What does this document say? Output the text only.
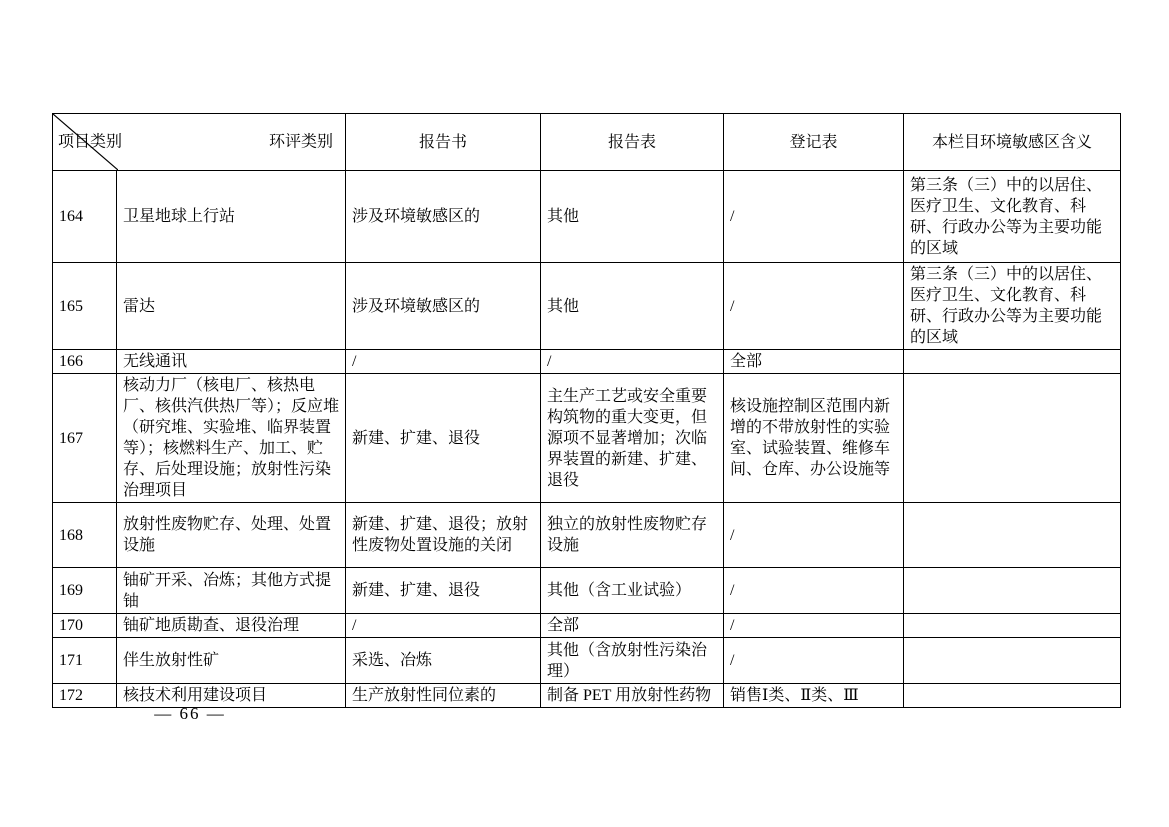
项目类别 环评类别		报告书	报告表	登记表	本栏目环境敏感区含义
164	卫星地球上行站	涉及环境敏感区的	其他	/	第三条（三）中的以居住、医疗卫生、文化教育、科研、行政办公等为主要功能的区域
165	雷达	涉及环境敏感区的	其他	/	第三条（三）中的以居住、医疗卫生、文化教育、科研、行政办公等为主要功能的区域
166	无线通讯	/	/	全部	
167	核动力厂（核电厂、核热电厂、核供汽供热厂等）；反应堆（研究堆、实验堆、临界装置等）；核燃料生产、加工、贮存、后处理设施；放射性污染治理项目	新建、扩建、退役	主生产工艺或安全重要构筑物的重大变更，但源项不显著增加；次临界装置的新建、扩建、退役	核设施控制区范围内新增的不带放射性的实验室、试验装置、维修车间、仓库、办公设施等	
168	放射性废物贮存、处理、处置设施	新建、扩建、退役；放射性废物处置设施的关闭	独立的放射性废物贮存设施	/	
169	铀矿开采、冶炼；其他方式提铀	新建、扩建、退役	其他（含工业试验）	/	
170	铀矿地质勘查、退役治理	/	全部	/	
171	伴生放射性矿	采选、冶炼	其他（含放射性污染治理）	/	
172	核技术利用建设项目	生产放射性同位素的	制备 PET 用放射性药物	销售Ⅰ类、Ⅱ类、Ⅲ	
— 66 —
